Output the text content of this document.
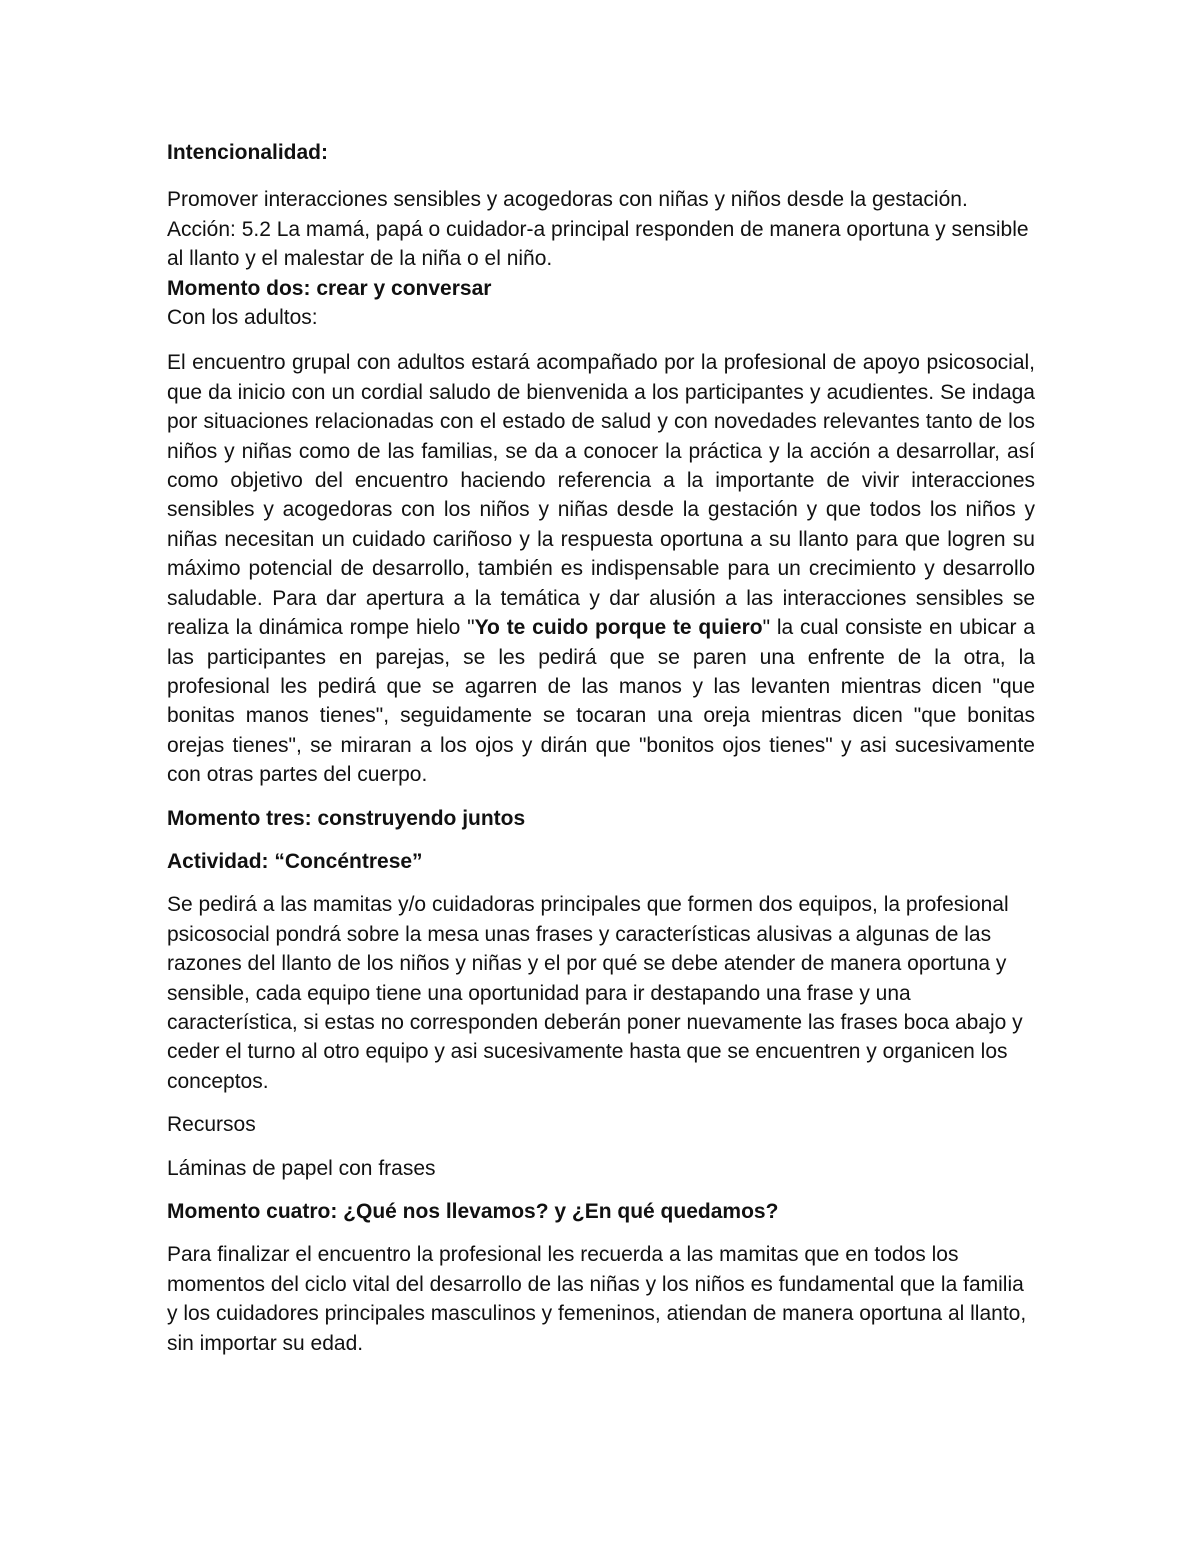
Intencionalidad:

Promover interacciones sensibles y acogedoras con niñas y niños desde la gestación.

Acción: 5.2 La mamá, papá o cuidador-a principal responden de manera oportuna y sensible al llanto y el malestar de la niña o el niño.

Momento dos: crear y conversar

Con los adultos:

El encuentro grupal con adultos estará acompañado por la profesional de apoyo psicosocial, que da inicio con un cordial saludo de bienvenida a los participantes y acudientes. Se indaga por situaciones relacionadas con el estado de salud y con novedades relevantes tanto de los niños y niñas como de las familias, se da a conocer la práctica y la acción a desarrollar, así como objetivo del encuentro haciendo referencia a la importante de vivir interacciones sensibles y acogedoras con los niños y niñas desde la gestación y que todos los niños y niñas necesitan un cuidado cariñoso y la respuesta oportuna a su llanto para que logren su máximo potencial de desarrollo, también es indispensable para un crecimiento y desarrollo saludable. Para dar apertura a la temática y dar alusión a las interacciones sensibles se realiza la dinámica rompe hielo "Yo te cuido porque te quiero" la cual consiste en ubicar a las participantes en parejas, se les pedirá que se paren una enfrente de la otra, la profesional les pedirá que se agarren de las manos y las levanten mientras dicen "que bonitas manos tienes", seguidamente se tocaran una oreja mientras dicen "que bonitas orejas tienes", se miraran a los ojos y dirán que "bonitos ojos tienes" y asi sucesivamente con otras partes del cuerpo.

Momento tres: construyendo juntos

Actividad: “Concéntrese”

Se pedirá a las mamitas y/o cuidadoras principales que formen dos equipos, la profesional psicosocial pondrá sobre la mesa unas frases y características alusivas a algunas de las razones del llanto de los niños y niñas y el por qué se debe atender de manera oportuna y sensible, cada equipo tiene una oportunidad para ir destapando una frase y una característica, si estas no corresponden deberán poner nuevamente las frases boca abajo y ceder el turno al otro equipo y asi sucesivamente hasta que se encuentren y organicen los conceptos.

Recursos

Láminas de papel con frases

Momento cuatro: ¿Qué nos llevamos? y ¿En qué quedamos?

Para finalizar el encuentro la profesional les recuerda a las mamitas que en todos los momentos del ciclo vital del desarrollo de las niñas y los niños es fundamental que la familia y los cuidadores principales masculinos y femeninos, atiendan de manera oportuna al llanto, sin importar su edad.
